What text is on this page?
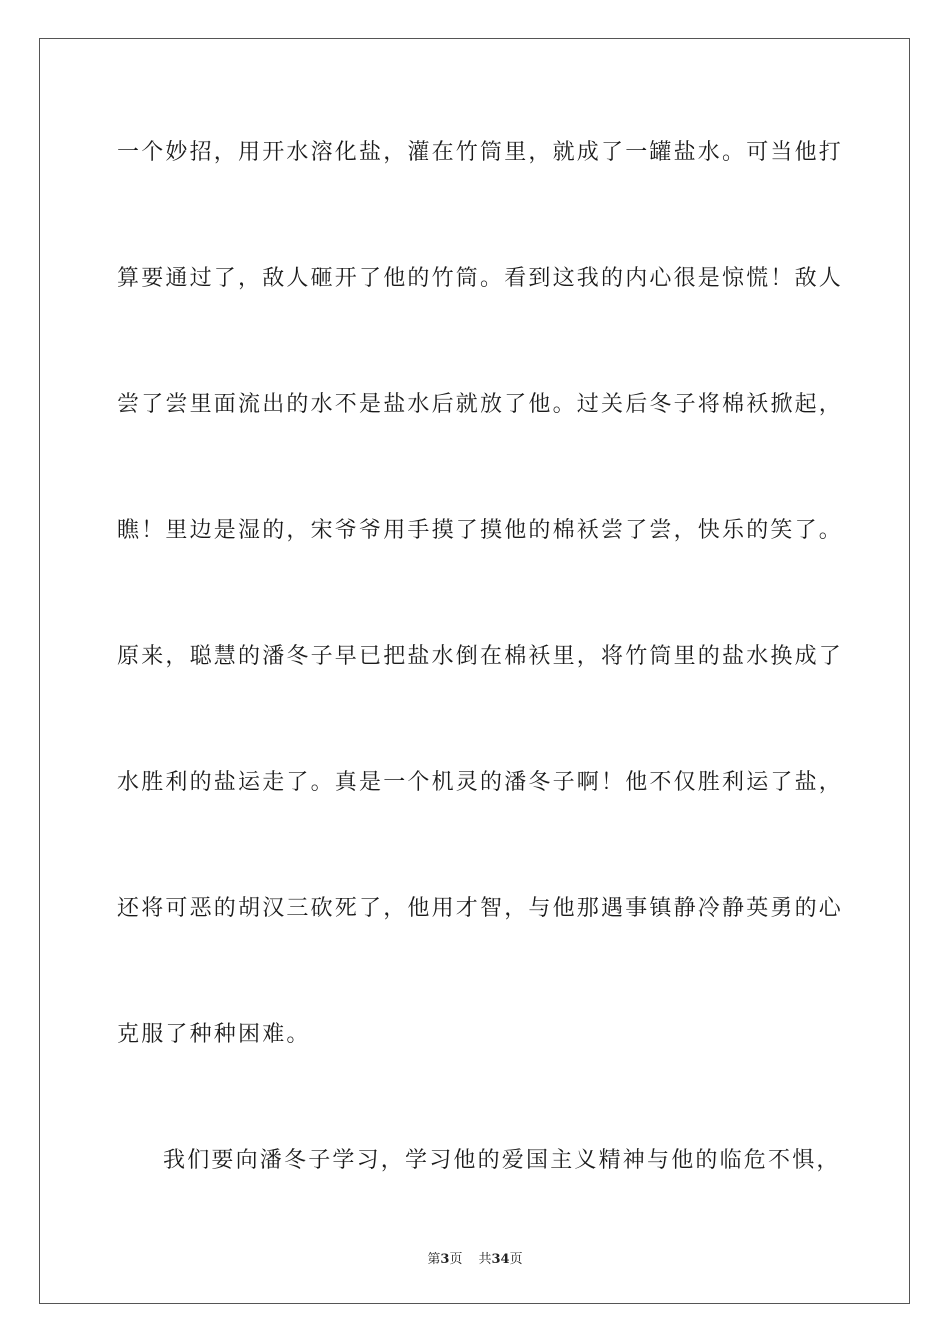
一个妙招，用开水溶化盐，灌在竹筒里，就成了一罐盐水。可当他打
算要通过了，敌人砸开了他的竹筒。看到这我的内心很是惊慌！敌人
尝了尝里面流出的水不是盐水后就放了他。过关后冬子将棉袄掀起，
瞧！里边是湿的，宋爷爷用手摸了摸他的棉袄尝了尝，快乐的笑了。
原来，聪慧的潘冬子早已把盐水倒在棉袄里，将竹筒里的盐水换成了
水胜利的盐运走了。真是一个机灵的潘冬子啊！他不仅胜利运了盐，
还将可恶的胡汉三砍死了，他用才智，与他那遇事镇静冷静英勇的心
克服了种种困难。
我们要向潘冬子学习，学习他的爱国主义精神与他的临危不惧，
第3页 共34页
